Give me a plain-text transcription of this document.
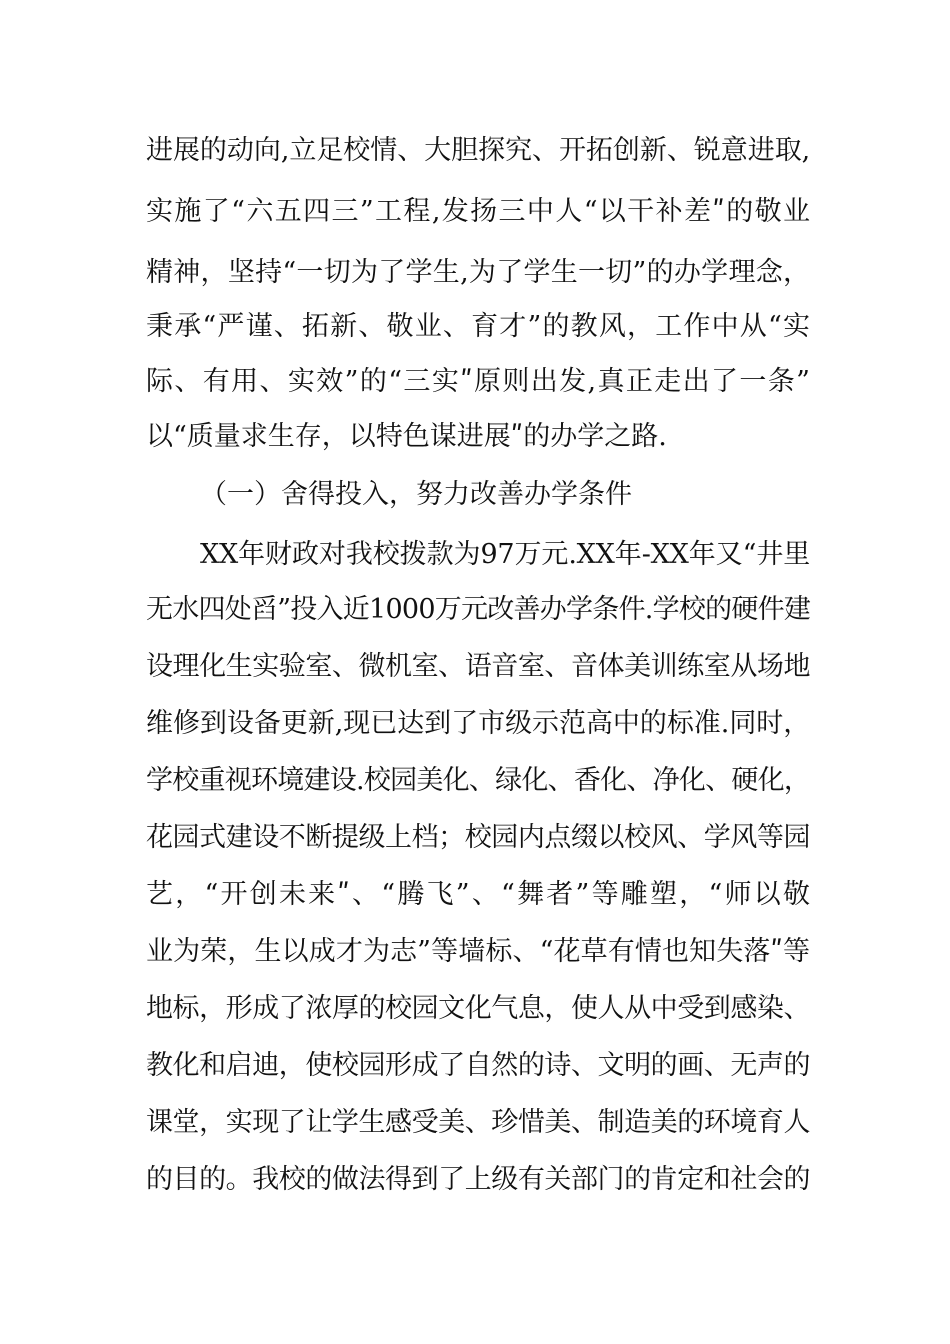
进展的动向,立足校情、大胆探究、开拓创新、锐意进取,
实施了“六五四三”工程,发扬三中人“以干补差ʺ的敬业
精神，坚持“一切为了学生,为了学生一切”的办学理念，
秉承“严谨、拓新、敬业、育才”的教风，工作中从“实
际、有用、实效”的“三实ʺ原则出发,真正走出了一条”
以“质量求生存，以特色谋进展ʺ的办学之路.
（一）舍得投入，努力改善办学条件
XX年财政对我校拨款为97万元.XX年-XX年又“井里
无水四处舀”投入近1000万元改善办学条件.学校的硬件建
设理化生实验室、微机室、语音室、音体美训练室从场地
维修到设备更新,现已达到了市级示范高中的标准.同时，
学校重视环境建设.校园美化、绿化、香化、净化、硬化，
花园式建设不断提级上档；校园内点缀以校风、学风等园
艺，“开创未来ʺ、“腾飞”、“舞者”等雕塑，“师以敬
业为荣，生以成才为志”等墙标、“花草有情也知失落ʺ等
地标，形成了浓厚的校园文化气息，使人从中受到感染、
教化和启迪，使校园形成了自然的诗、文明的画、无声的
课堂，实现了让学生感受美、珍惜美、制造美的环境育人
的目的。我校的做法得到了上级有关部门的肯定和社会的
